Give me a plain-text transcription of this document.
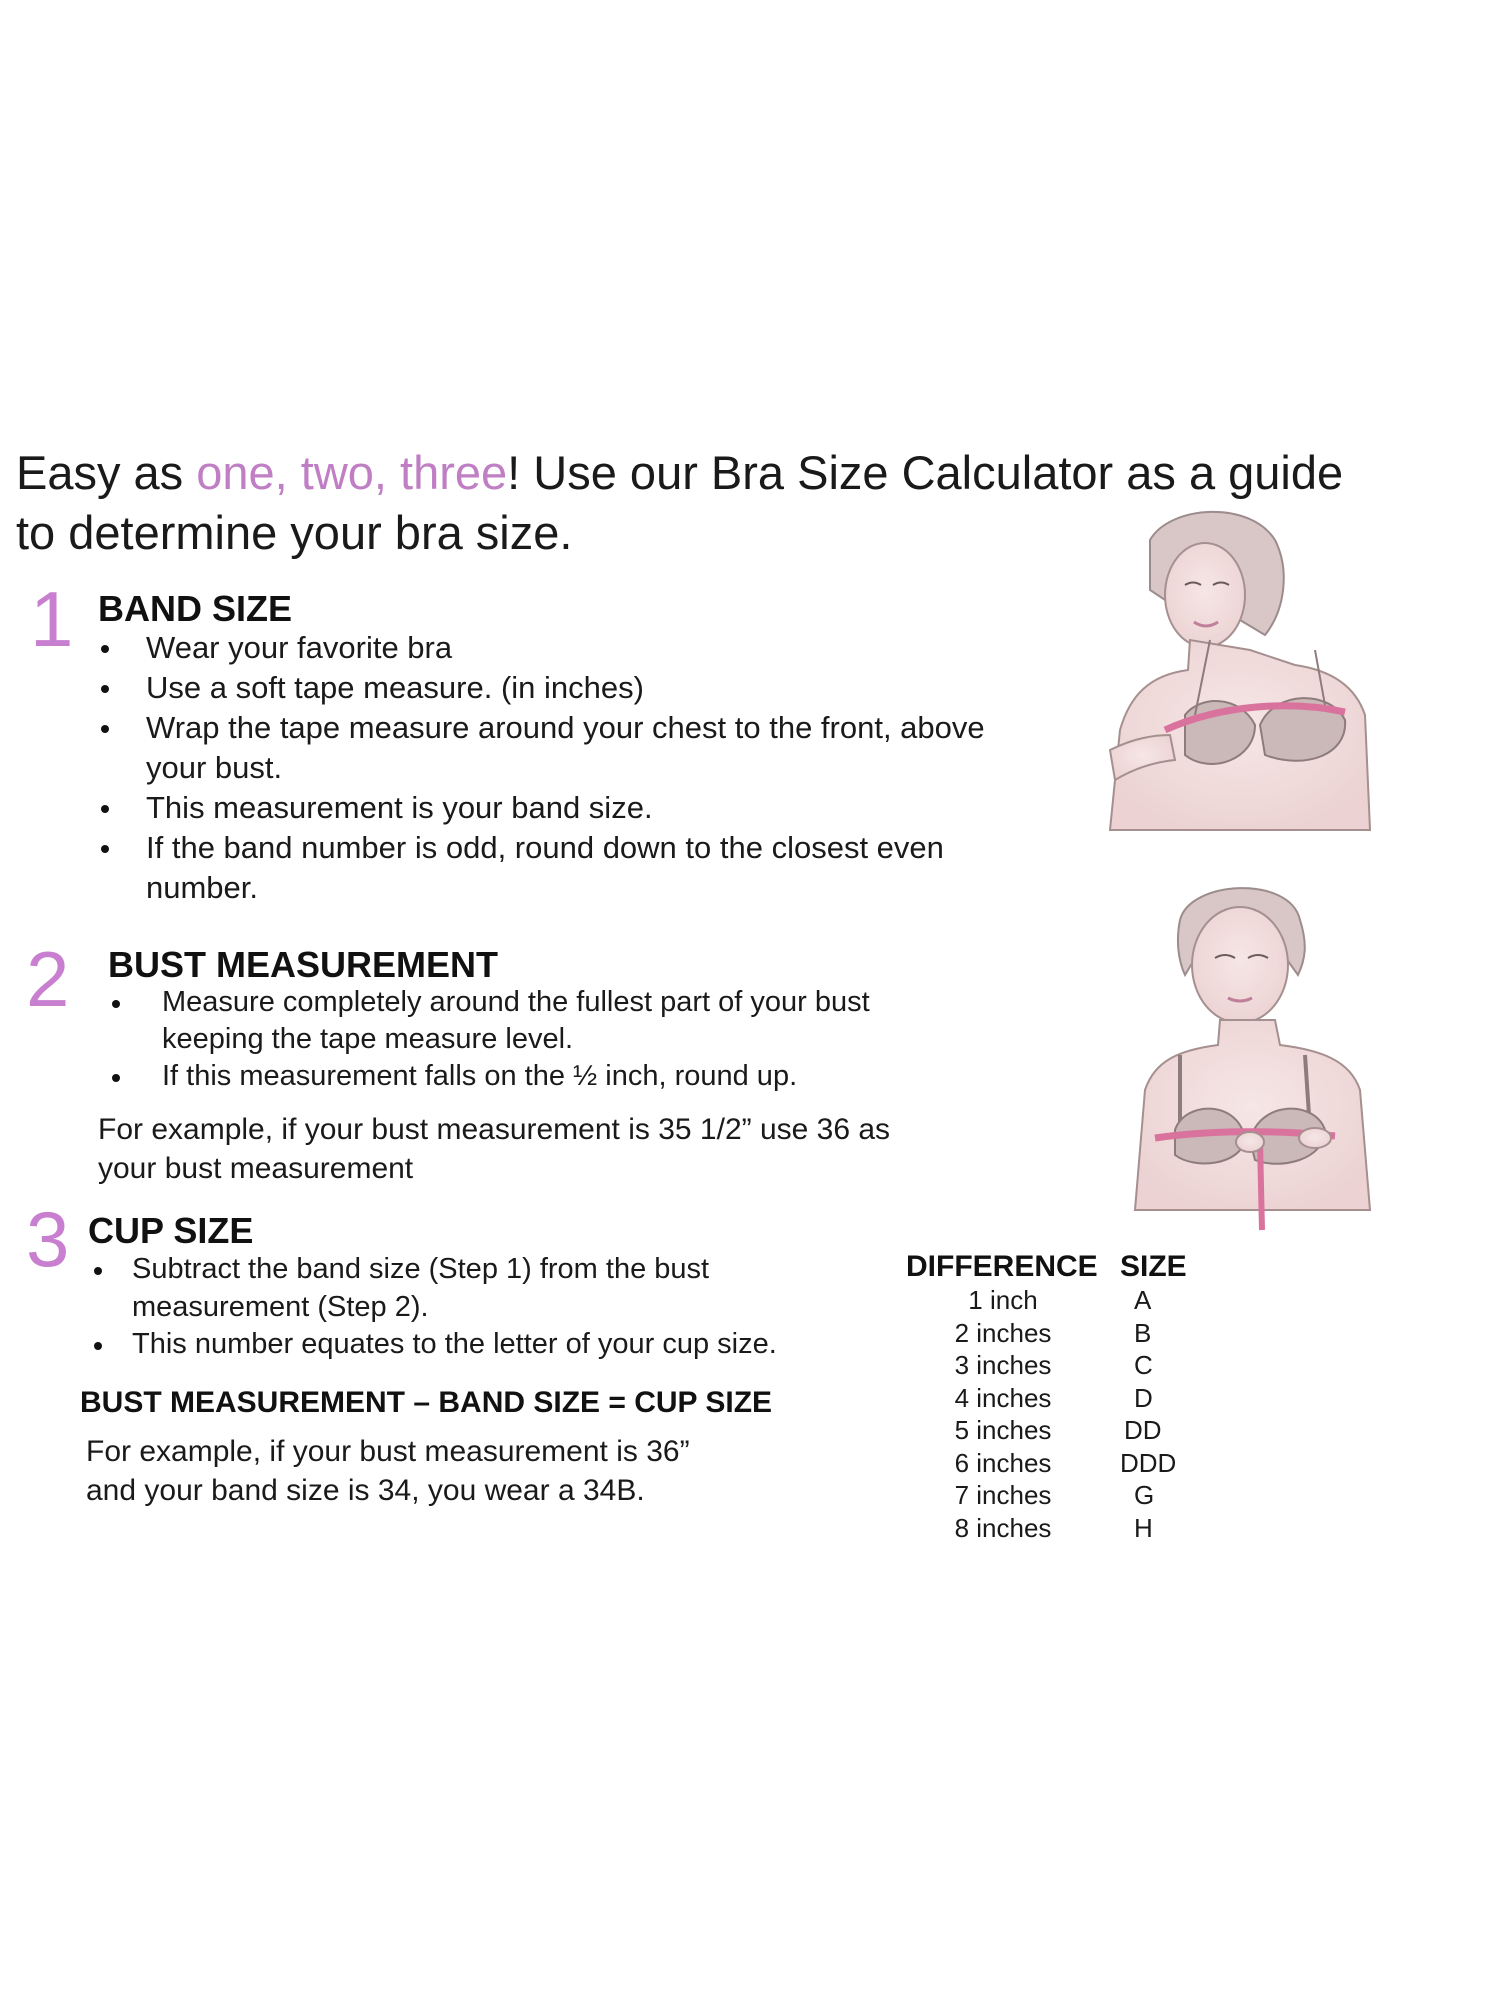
Easy as one, two, three! Use our Bra Size Calculator as a guide to determine your bra size.
1 BAND SIZE
Wear your favorite bra
Use a soft tape measure. (in inches)
Wrap the tape measure around your chest to the front, above your bust.
This measurement is your band size.
If the band number is odd, round down to the closest even number.
2 BUST MEASUREMENT
Measure completely around the fullest part of your bust keeping the tape measure level.
If this measurement falls on the ½ inch, round up.
For example, if your bust measurement is 35 1/2” use 36 as your bust measurement
3 CUP SIZE
Subtract the band size (Step 1) from the bust measurement (Step 2).
This number equates to the letter of your cup size.
BUST MEASUREMENT – BAND SIZE = CUP SIZE
For example, if your bust measurement is 36” and your band size is 34, you wear a 34B.
DIFFERENCE	SIZE
1 inch	A
2 inches	B
3 inches	C
4 inches	D
5 inches	DD
6 inches	DDD
7 inches	G
8 inches	H
